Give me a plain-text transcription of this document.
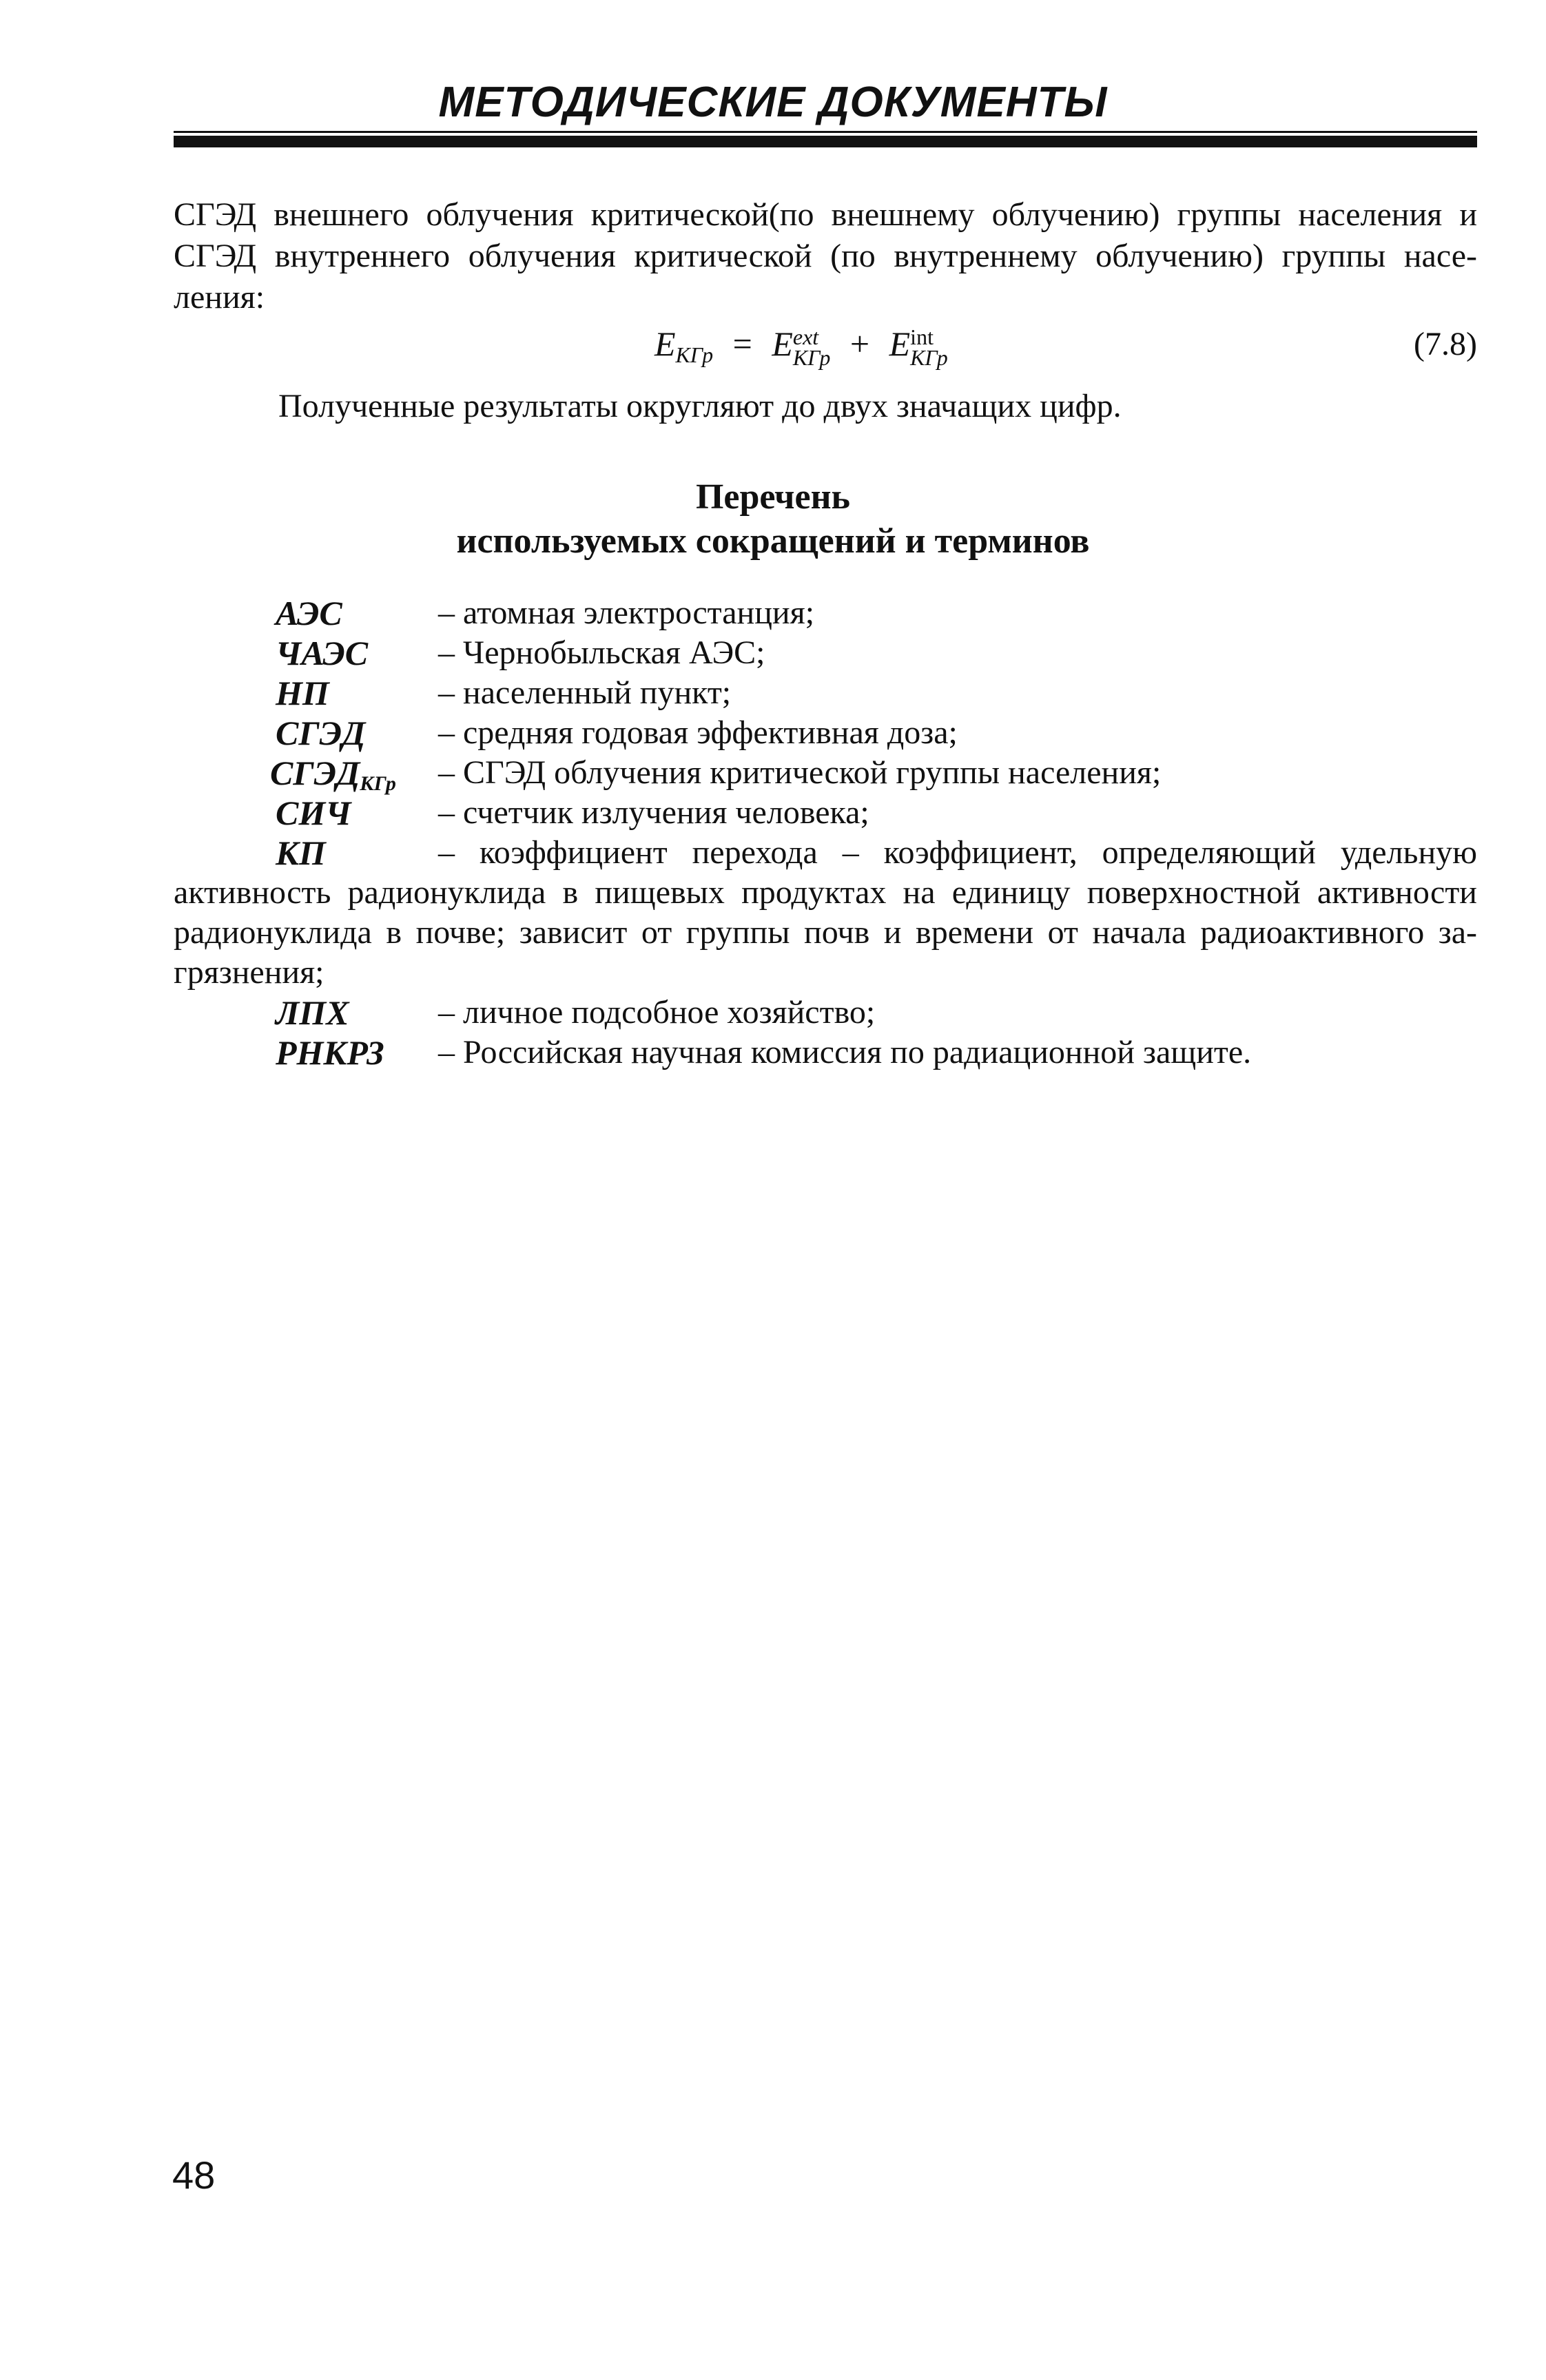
МЕТОДИЧЕСКИЕ ДОКУМЕНТЫ
СГЭД внешнего облучения критической(по внешнему облучению) группы населения и
СГЭД внутреннего облучения критической (по внутреннему облучению) группы насе-
ления:
$E_{КГр}$ = Eext
КГр + Eint
КГр	(7.8)
Полученные результаты округляют до двух значащих цифр.
Перечень
используемых сокращений и терминов
АЭС	– атомная электростанция;
ЧАЭС – Чернобыльская АЭС;
НП	– населенный пункт;
СГЭД – средняя годовая эффективная доза;
$СГЭД_{КГр}$ – СГЭД облучения критической группы населения;
СИЧ	– счетчик излучения человека;
КП	– коэффициент перехода – коэффициент, определяющий удельную
активность радионуклида в пищевых продуктах на единицу поверхностной активности
радионуклида в почве; зависит от группы почв и времени от начала радиоактивного за-
грязнения;
ЛПХ	– личное подсобное хозяйство;
РНКРЗ – Российская научная комиссия по радиационной защите.
48
